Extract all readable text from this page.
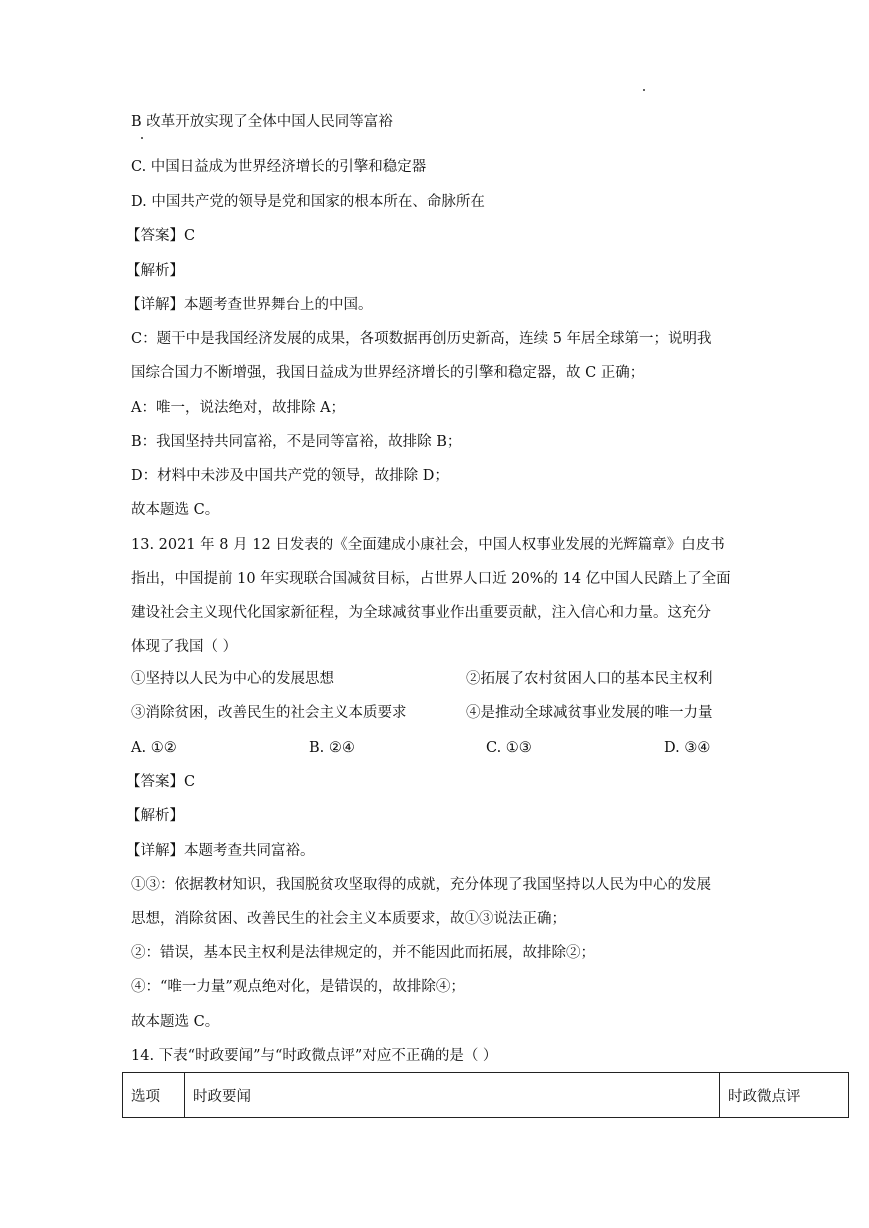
B 改革开放实现了全体中国人民同等富裕
C. 中国日益成为世界经济增长的引擎和稳定器
D. 中国共产党的领导是党和国家的根本所在、命脉所在
【答案】C
【解析】
【详解】本题考查世界舞台上的中国。
C：题干中是我国经济发展的成果，各项数据再创历史新高，连续 5 年居全球第一；说明我
国综合国力不断增强，我国日益成为世界经济增长的引擎和稳定器，故 C 正确；
A：唯一，说法绝对，故排除 A；
B：我国坚持共同富裕，不是同等富裕，故排除 B；
D：材料中未涉及中国共产党的领导，故排除 D；
故本题选 C。
13. 2021 年 8 月 12 日发表的《全面建成小康社会，中国人权事业发展的光辉篇章》白皮书
指出，中国提前 10 年实现联合国减贫目标，占世界人口近 20%的 14 亿中国人民踏上了全面
建设社会主义现代化国家新征程，为全球减贫事业作出重要贡献，注入信心和力量。这充分
体现了我国（ ）
①坚持以人民为中心的发展思想	②拓展了农村贫困人口的基本民主权利
③消除贫困，改善民生的社会主义本质要求	④是推动全球减贫事业发展的唯一力量
A. ①②	B. ②④	C. ①③	D. ③④
【答案】C
【解析】
【详解】本题考查共同富裕。
①③：依据教材知识，我国脱贫攻坚取得的成就，充分体现了我国坚持以人民为中心的发展
思想，消除贫困、改善民生的社会主义本质要求，故①③说法正确；
②：错误，基本民主权利是法律规定的，并不能因此而拓展，故排除②；
④：“唯一力量”观点绝对化，是错误的，故排除④；
故本题选 C。
14. 下表“时政要闻”与“时政微点评”对应不正确的是（ ）
选项	时政要闻	时政微点评
